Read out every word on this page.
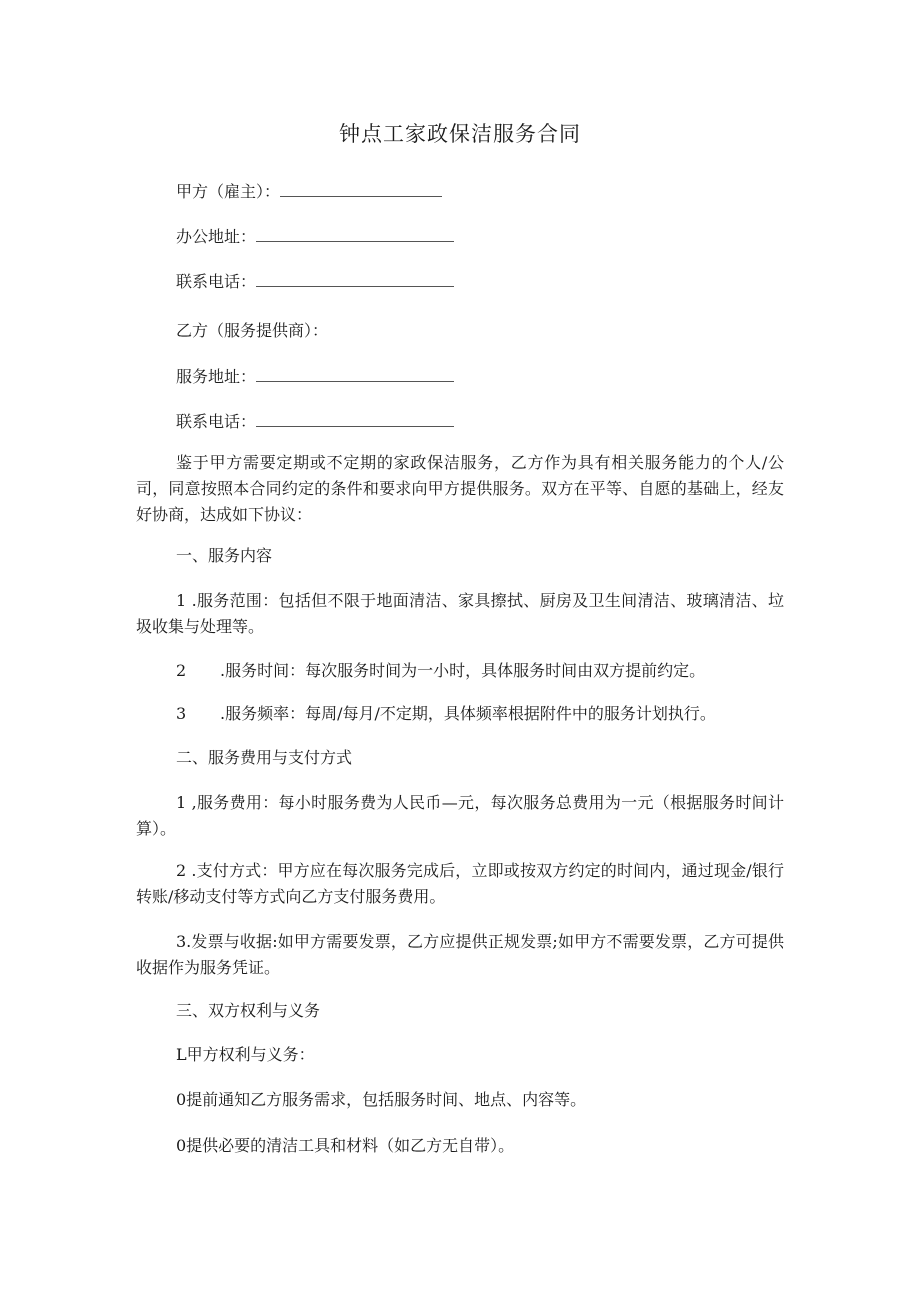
钟点工家政保洁服务合同
甲方（雇主）：
办公地址：
联系电话：
乙方（服务提供商）：
服务地址：
联系电话：

鉴于甲方需要定期或不定期的家政保洁服务，乙方作为具有相关服务能力的个人/公司，同意按照本合同约定的条件和要求向甲方提供服务。双方在平等、自愿的基础上，经友好协商，达成如下协议：

一、服务内容

1 .服务范围：包括但不限于地面清洁、家具擦拭、厨房及卫生间清洁、玻璃清洁、垃圾收集与处理等。

2 .服务时间：每次服务时间为一小时，具体服务时间由双方提前约定。
3 .服务频率：每周/每月/不定期，具体频率根据附件中的服务计划执行。
二、服务费用与支付方式

1 ,服务费用：每小时服务费为人民币—元，每次服务总费用为一元（根据服务时间计算）。

2 .支付方式：甲方应在每次服务完成后，立即或按双方约定的时间内，通过现金/银行转账/移动支付等方式向乙方支付服务费用。

3.发票与收据:如甲方需要发票，乙方应提供正规发票;如甲方不需要发票，乙方可提供收据作为服务凭证。

三、双方权利与义务
L甲方权利与义务：
0提前通知乙方服务需求，包括服务时间、地点、内容等。
0提供必要的清洁工具和材料（如乙方无自带）。
